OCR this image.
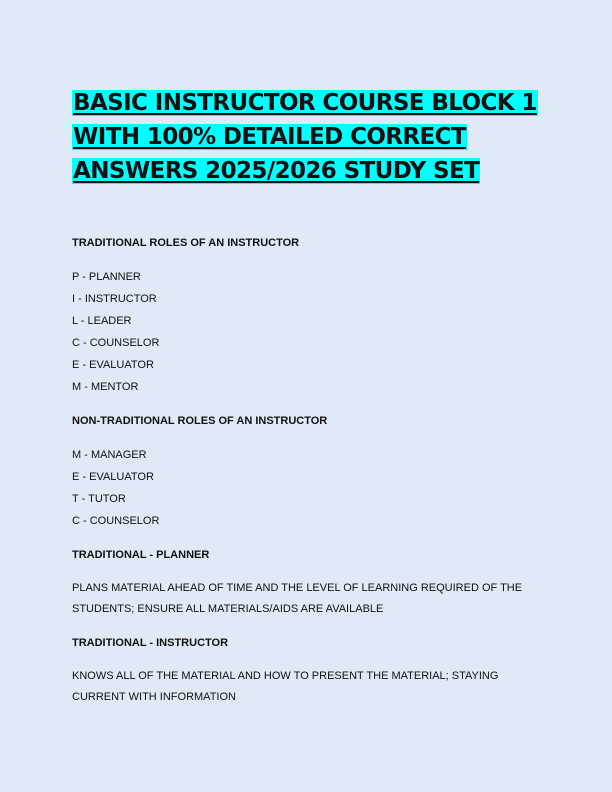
BASIC INSTRUCTOR COURSE BLOCK 1
WITH 100% DETAILED CORRECT
ANSWERS 2025/2026 STUDY SET
TRADITIONAL ROLES OF AN INSTRUCTOR
P - PLANNER
I - INSTRUCTOR
L - LEADER
C - COUNSELOR
E - EVALUATOR
M - MENTOR
NON-TRADITIONAL ROLES OF AN INSTRUCTOR
M - MANAGER
E - EVALUATOR
T - TUTOR
C - COUNSELOR
TRADITIONAL - PLANNER

PLANS MATERIAL AHEAD OF TIME AND THE LEVEL OF LEARNING REQUIRED OF THE STUDENTS; ENSURE ALL MATERIALS/AIDS ARE AVAILABLE

TRADITIONAL - INSTRUCTOR

KNOWS ALL OF THE MATERIAL AND HOW TO PRESENT THE MATERIAL; STAYING CURRENT WITH INFORMATION
